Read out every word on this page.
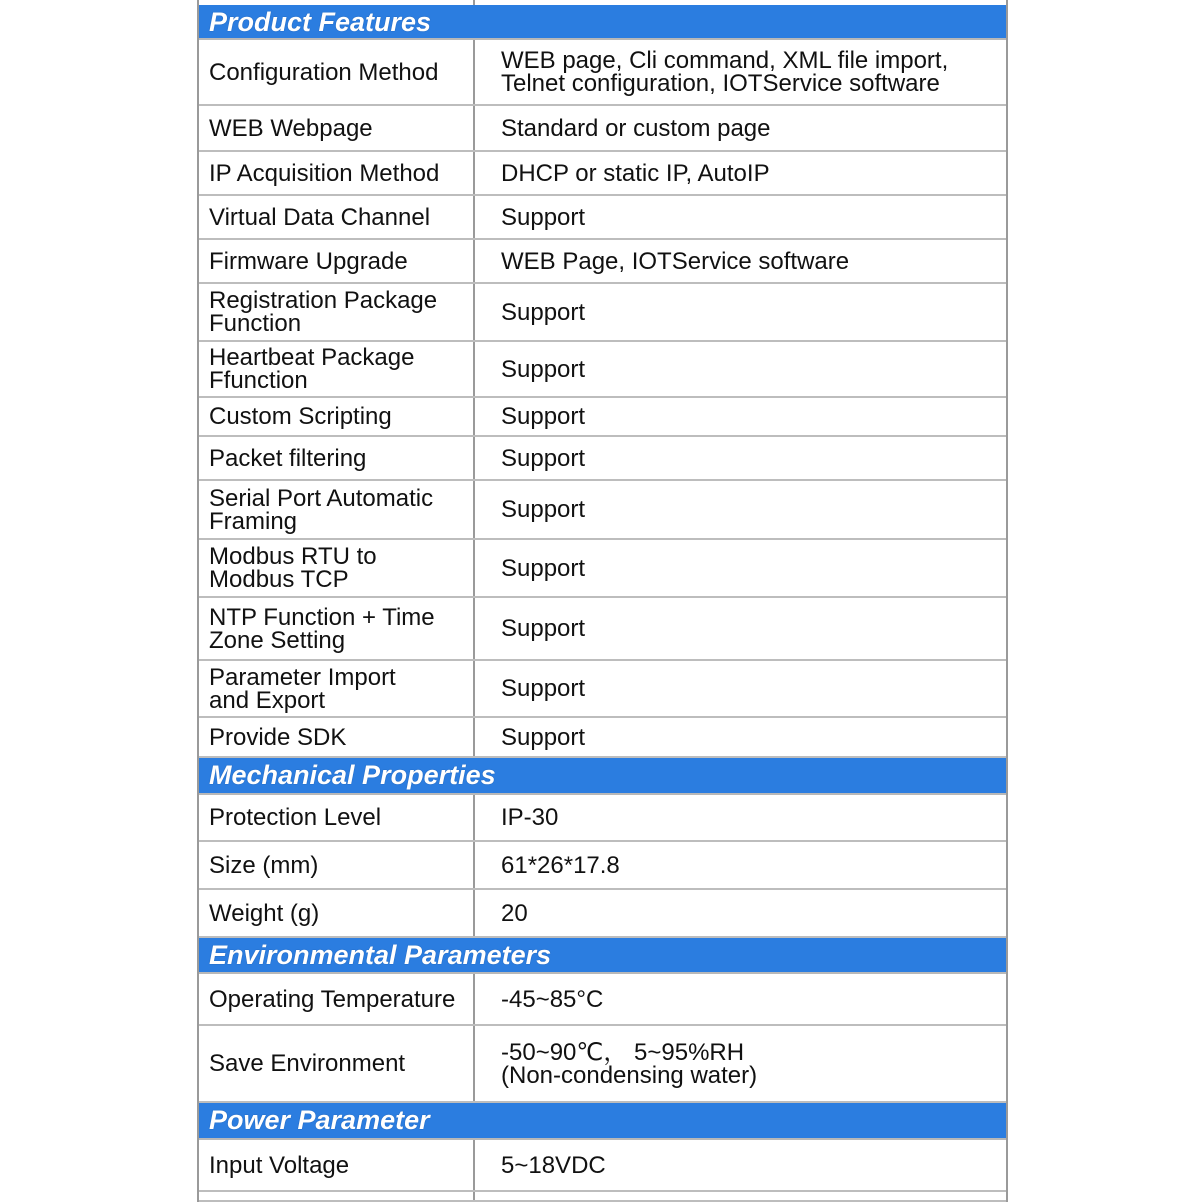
Product Features
Configuration Method	WEB page, Cli command, XML file import,
Telnet configuration, IOTService software
WEB Webpage	Standard or custom page
IP Acquisition Method	DHCP or static IP, AutoIP
Virtual Data Channel	Support
Firmware Upgrade	WEB Page, IOTService software
Registration Package
Function	Support
Heartbeat Package
Ffunction	Support
Custom Scripting	Support
Packet filtering	Support
Serial Port Automatic
Framing	Support
Modbus RTU to
Modbus TCP	Support
NTP Function + Time
Zone Setting	Support
Parameter Import
and Export	Support
Provide SDK	Support
Mechanical Properties
Protection Level	IP-30
Size (mm)	61*26*17.8
Weight (g)	20
Environmental Parameters
Operating Temperature	-45~85°C
Save Environment	-50~90℃， 5~95%RH
(Non-condensing water)
Power Parameter
Input Voltage	5~18VDC
